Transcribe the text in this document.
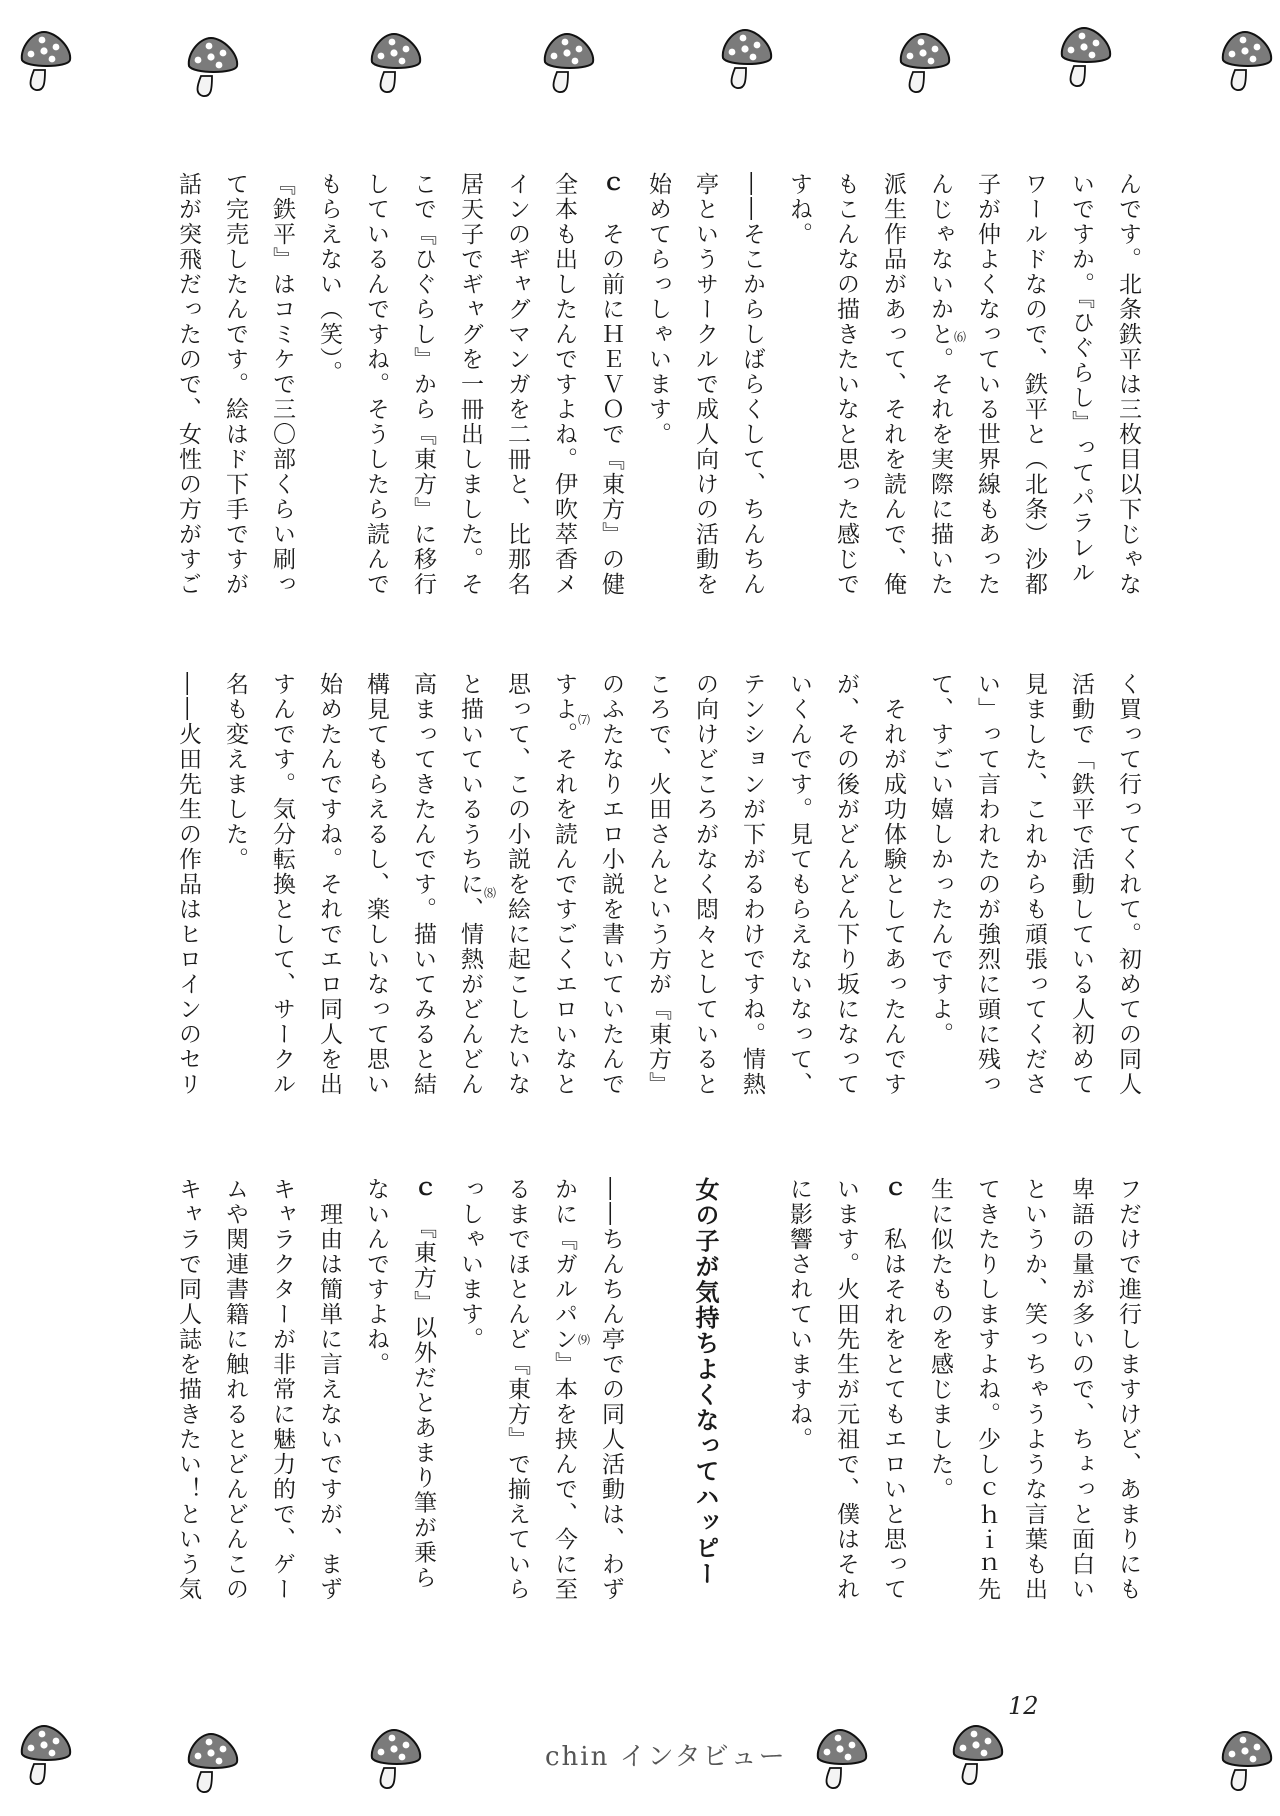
んです。北条鉄平は三枚目以下じゃな
いですか。『ひぐらし』ってパラレル
ワールドなので、鉄平と（北条）沙都
子が仲よくなっている世界線もあった
んじゃないかと。それを実際に描いた
派生作品があって、それを読んで、俺
もこんなの描きたいなと思った感じで
すね。
――そこからしばらくして、ちんちん
亭というサークルで成人向けの活動を
始めてらっしゃいます。
ｃ　その前にＨＥＶＯで『東方』の健
全本も出したんですよね。伊吹萃香メ
インのギャグマンガを二冊と、比那名
居天子でギャグを一冊出しました。そ
こで『ひぐらし』から『東方』に移行
しているんですね。そうしたら読んで
もらえない（笑）。
『鉄平』はコミケで三〇部くらい刷っ
て完売したんです。絵はド下手ですが
話が突飛だったので、女性の方がすご
く買って行ってくれて。初めての同人
活動で「鉄平で活動している人初めて
見ました、これからも頑張ってくださ
い」って言われたのが強烈に頭に残っ
て、すごい嬉しかったんですよ。
　それが成功体験としてあったんです
が、その後がどんどん下り坂になって
いくんです。見てもらえないなって、
テンションが下がるわけですね。情熱
の向けどころがなく悶々としていると
ころで、火田さんという方が『東方』
のふたなりエロ小説を書いていたんで
すよ。それを読んですごくエロいなと
思って、この小説を絵に起こしたいな
と描いているうちに、情熱がどんどん
高まってきたんです。描いてみると結
構見てもらえるし、楽しいなって思い
始めたんですね。それでエロ同人を出
すんです。気分転換として、サークル
名も変えました。
――火田先生の作品はヒロインのセリ
フだけで進行しますけど、あまりにも
卑語の量が多いので、ちょっと面白い
というか、笑っちゃうような言葉も出
てきたりしますよね。少しｃｈｉｎ先
生に似たものを感じました。
ｃ　私はそれをとてもエロいと思って
います。火田先生が元祖で、僕はそれ
に影響されていますね。
女の子が気持ちよくなってハッピー
――ちんちん亭での同人活動は、わず
かに『ガルパン』本を挟んで、今に至
るまでほとんど『東方』で揃えていら
っしゃいます。
ｃ　『東方』以外だとあまり筆が乗ら
ないんですよね。
　理由は簡単に言えないですが、まず
キャラクターが非常に魅力的で、ゲー
ムや関連書籍に触れるとどんどんこの
キャラで同人誌を描きたい！という気
⑹
⑺
⑻
⑼
12
chin インタビュー
